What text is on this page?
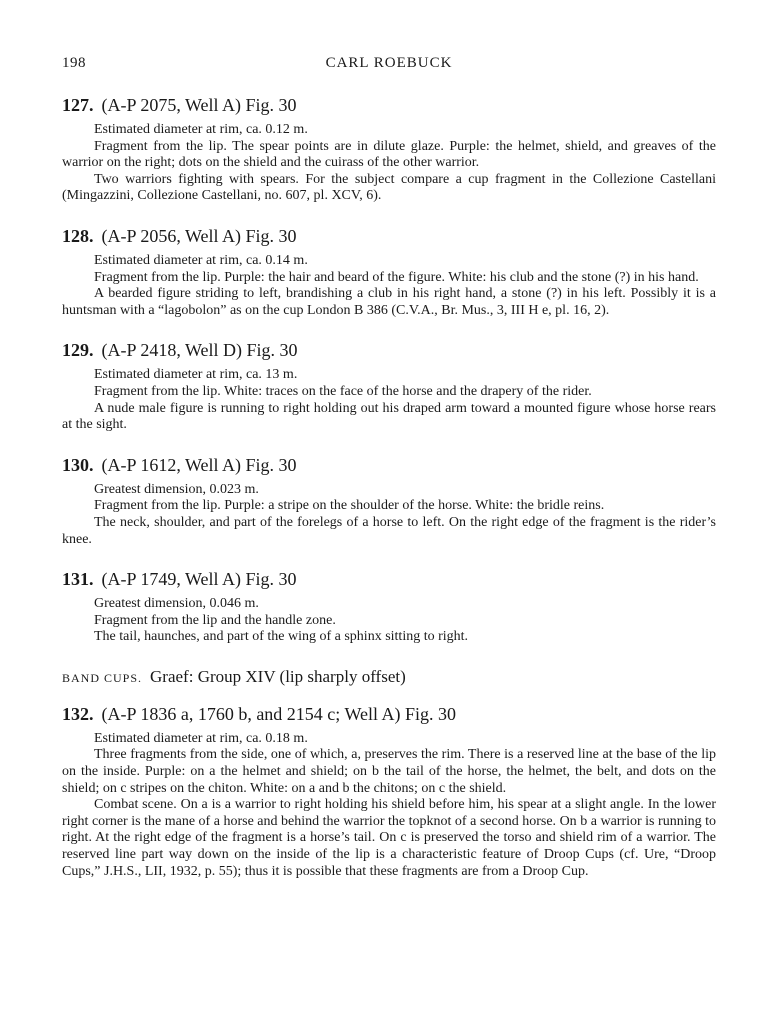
198	CARL ROEBUCK
127. (A-P 2075, Well A) Fig. 30

Estimated diameter at rim, ca. 0.12 m.

Fragment from the lip. The spear points are in dilute glaze. Purple: the helmet, shield, and greaves of the warrior on the right; dots on the shield and the cuirass of the other warrior.

Two warriors fighting with spears. For the subject compare a cup fragment in the Collezione Castellani (Mingazzini, Collezione Castellani, no. 607, pl. XCV, 6).

128. (A-P 2056, Well A) Fig. 30

Estimated diameter at rim, ca. 0.14 m.

Fragment from the lip. Purple: the hair and beard of the figure. White: his club and the stone (?) in his hand.

A bearded figure striding to left, brandishing a club in his right hand, a stone (?) in his left. Possibly it is a huntsman with a “lagobolon” as on the cup London B 386 (C.V.A., Br. Mus., 3, III H e, pl. 16, 2).

129. (A-P 2418, Well D) Fig. 30

Estimated diameter at rim, ca. 13 m.

Fragment from the lip. White: traces on the face of the horse and the drapery of the rider.

A nude male figure is running to right holding out his draped arm toward a mounted figure whose horse rears at the sight.

130. (A-P 1612, Well A) Fig. 30

Greatest dimension, 0.023 m.

Fragment from the lip. Purple: a stripe on the shoulder of the horse. White: the bridle reins.

The neck, shoulder, and part of the forelegs of a horse to left. On the right edge of the fragment is the rider’s knee.

131. (A-P 1749, Well A) Fig. 30

Greatest dimension, 0.046 m.

Fragment from the lip and the handle zone.

The tail, haunches, and part of the wing of a sphinx sitting to right.

BAND CUPS. Graef: Group XIV (lip sharply offset)
132. (A-P 1836 a, 1760 b, and 2154 c; Well A) Fig. 30

Estimated diameter at rim, ca. 0.18 m.

Three fragments from the side, one of which, a, preserves the rim. There is a reserved line at the base of the lip on the inside. Purple: on a the helmet and shield; on b the tail of the horse, the helmet, the belt, and dots on the shield; on c stripes on the chiton. White: on a and b the chitons; on c the shield.

Combat scene. On a is a warrior to right holding his shield before him, his spear at a slight angle. In the lower right corner is the mane of a horse and behind the warrior the topknot of a second horse. On b a warrior is running to right. At the right edge of the fragment is a horse’s tail. On c is preserved the torso and shield rim of a warrior. The reserved line part way down on the inside of the lip is a characteristic feature of Droop Cups (cf. Ure, “Droop Cups,” J.H.S., LII, 1932, p. 55); thus it is possible that these fragments are from a Droop Cup.
